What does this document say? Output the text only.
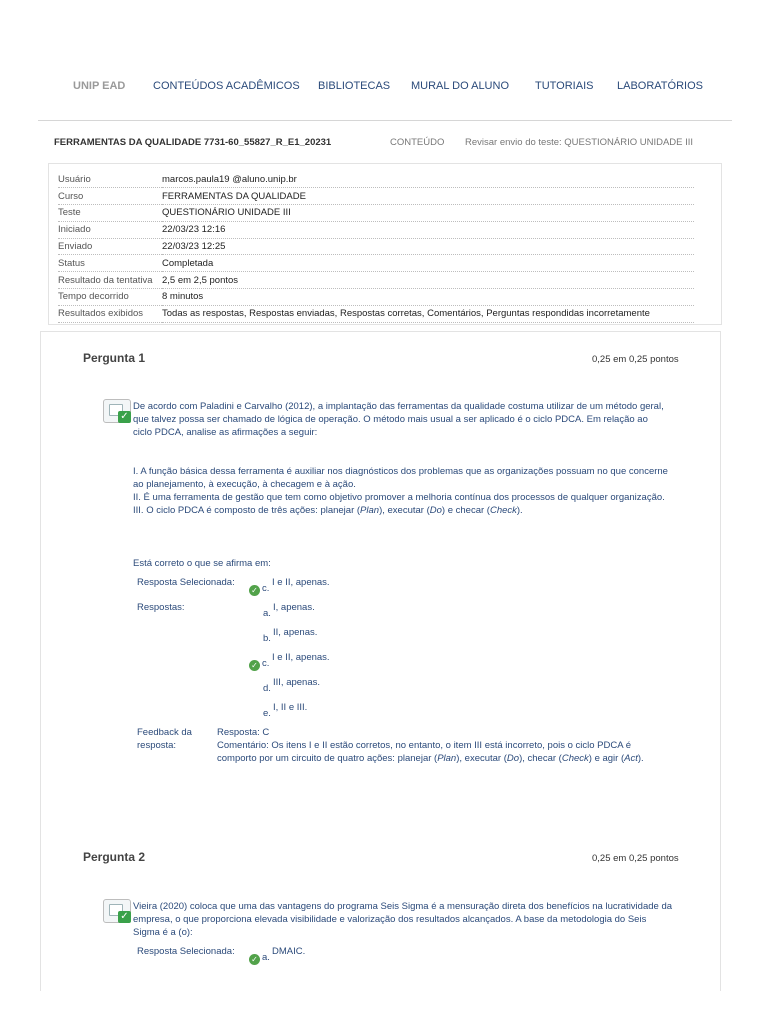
UNIP EAD	CONTEÚDOS ACADÊMICOS BIBLIOTECAS MURAL DO ALUNO TUTORIAIS LABORATÓRIOS
FERRAMENTAS DA QUALIDADE 7731-60_55827_R_E1_20231	CONTEÚDO Revisar envio do teste: QUESTIONÁRIO UNIDADE III
Usuário	marcos.paula19 @aluno.unip.br
Curso	FERRAMENTAS DA QUALIDADE
Teste	QUESTIONÁRIO UNIDADE III
Iniciado	22/03/23 12:16
Enviado	22/03/23 12:25
Status	Completada
Resultado da tentativa	2,5 em 2,5 pontos
Tempo decorrido	8 minutos
Resultados exibidos	Todas as respostas, Respostas enviadas, Respostas corretas, Comentários, Perguntas respondidas incorretamente
Pergunta 1	0,25 em 0,25 pontos
✓
De acordo com Paladini e Carvalho (2012), a implantação das ferramentas da qualidade costuma utilizar de um método geral, que talvez possa ser chamado de lógica de operação. O método mais usual a ser aplicado é o ciclo PDCA. Em relação ao ciclo PDCA, analise as afirmações a seguir:

I. A função básica dessa ferramenta é auxiliar nos diagnósticos dos problemas que as organizações possuam no que concerne ao planejamento, à execução, à checagem e à ação.

II. É uma ferramenta de gestão que tem como objetivo promover a melhoria contínua dos processos de qualquer organização.

III. O ciclo PDCA é composto de três ações: planejar (Plan), executar (Do) e checar (Check).

Está correto o que se afirma em:
Resposta Selecionada:
✓ c.
I e II, apenas.
Respostas:
a.
I, apenas.
b.
II, apenas.
✓ c.
I e II, apenas.
d.
III, apenas.
e.
I, II e III.
Feedback da
resposta:
Resposta: C
Comentário: Os itens I e II estão corretos, no entanto, o item III está incorreto, pois o ciclo PDCA é comporto por um circuito de quatro ações: planejar (Plan), executar (Do), checar (Check) e agir (Act).
Pergunta 2	0,25 em 0,25 pontos
✓
Vieira (2020) coloca que uma das vantagens do programa Seis Sigma é a mensuração direta dos benefícios na lucratividade da empresa, o que proporciona elevada visibilidade e valorização dos resultados alcançados. A base da metodologia do Seis Sigma é a (o):
Resposta Selecionada:
✓ a.
DMAIC.
